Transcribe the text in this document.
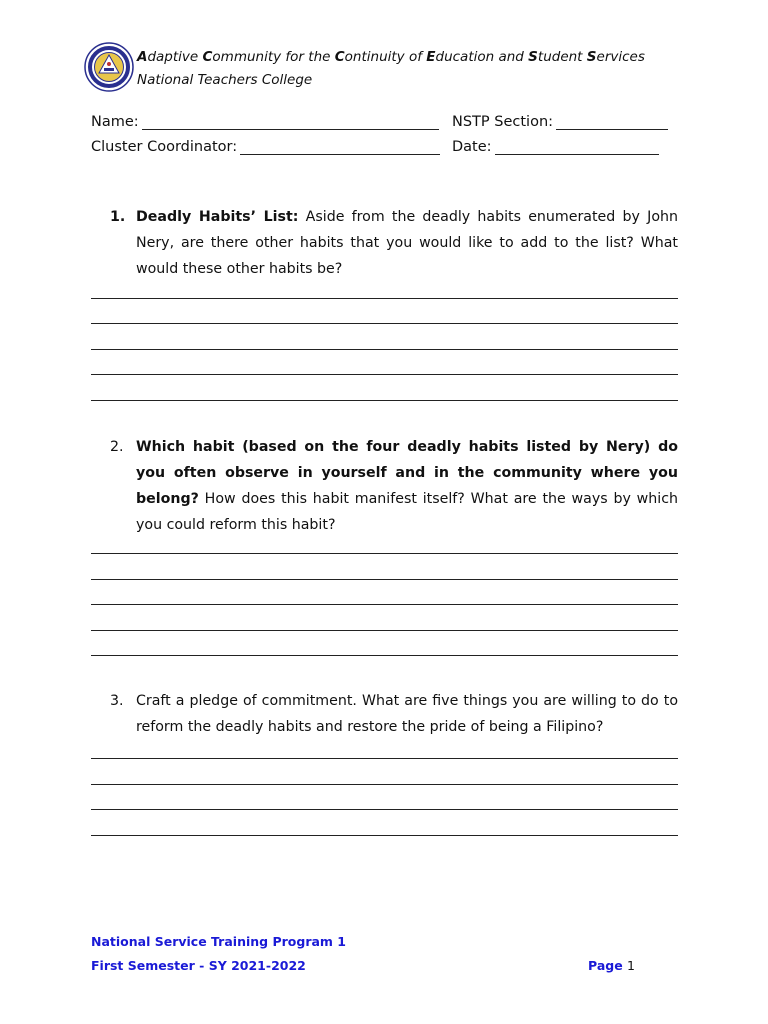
Adaptive Community for the Continuity of Education and Student Services
National Teachers College
Name:	NSTP Section:
Cluster Coordinator:	Date:
1. Deadly Habits’ List: Aside from the deadly habits enumerated by John Nery, are there other habits that you would like to add to the list? What would these other habits be?
2. Which habit (based on the four deadly habits listed by Nery) do you often observe in yourself and in the community where you belong? How does this habit manifest itself? What are the ways by which you could reform this habit?
3. Craft a pledge of commitment. What are five things you are willing to do to reform the deadly habits and restore the pride of being a Filipino?
National Service Training Program 1
First Semester - SY 2021-2022	Page 1
